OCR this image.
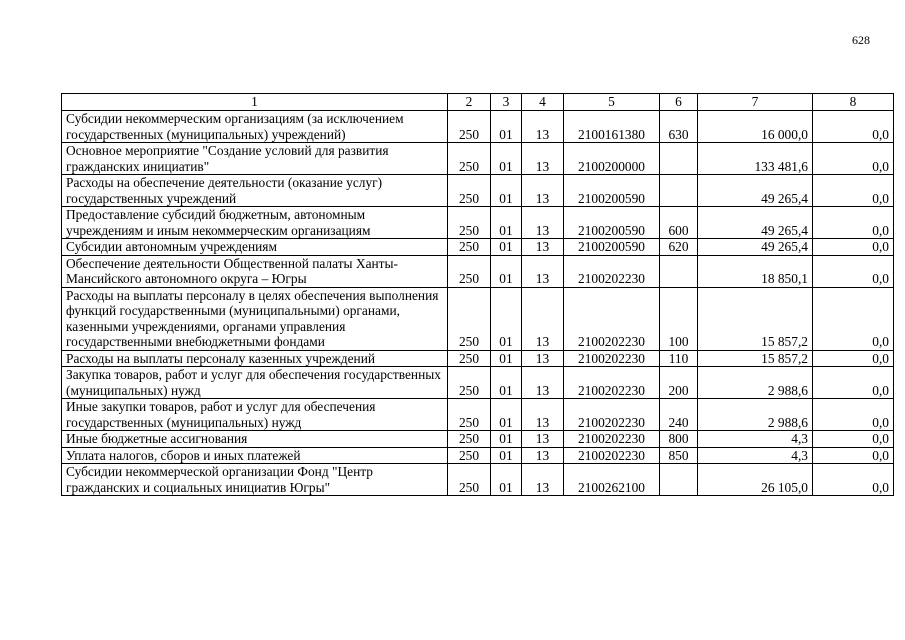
628
1	2	3	4	5	6	7	8
Субсидии некоммерческим организациям (за исключением государственных (муниципальных) учреждений)	250	01	13	2100161380	630	16 000,0	0,0
Основное мероприятие "Создание условий для развития гражданских инициатив"	250	01	13	2100200000		133 481,6	0,0
Расходы на обеспечение деятельности (оказание услуг) государственных учреждений	250	01	13	2100200590		49 265,4	0,0
Предоставление субсидий бюджетным, автономным учреждениям и иным некоммерческим организациям	250	01	13	2100200590	600	49 265,4	0,0
Субсидии автономным учреждениям	250	01	13	2100200590	620	49 265,4	0,0
Обеспечение деятельности Общественной палаты Ханты-Мансийского автономного округа – Югры	250	01	13	2100202230		18 850,1	0,0
Расходы на выплаты персоналу в целях обеспечения выполнения функций государственными (муниципальными) органами, казенными учреждениями, органами управления государственными внебюджетными фондами	250	01	13	2100202230	100	15 857,2	0,0
Расходы на выплаты персоналу казенных учреждений	250	01	13	2100202230	110	15 857,2	0,0
Закупка товаров, работ и услуг для обеспечения государственных (муниципальных) нужд	250	01	13	2100202230	200	2 988,6	0,0
Иные закупки товаров, работ и услуг для обеспечения государственных (муниципальных) нужд	250	01	13	2100202230	240	2 988,6	0,0
Иные бюджетные ассигнования	250	01	13	2100202230	800	4,3	0,0
Уплата налогов, сборов и иных платежей	250	01	13	2100202230	850	4,3	0,0
Субсидии некоммерческой организации Фонд "Центр гражданских и социальных инициатив Югры"	250	01	13	2100262100		26 105,0	0,0
